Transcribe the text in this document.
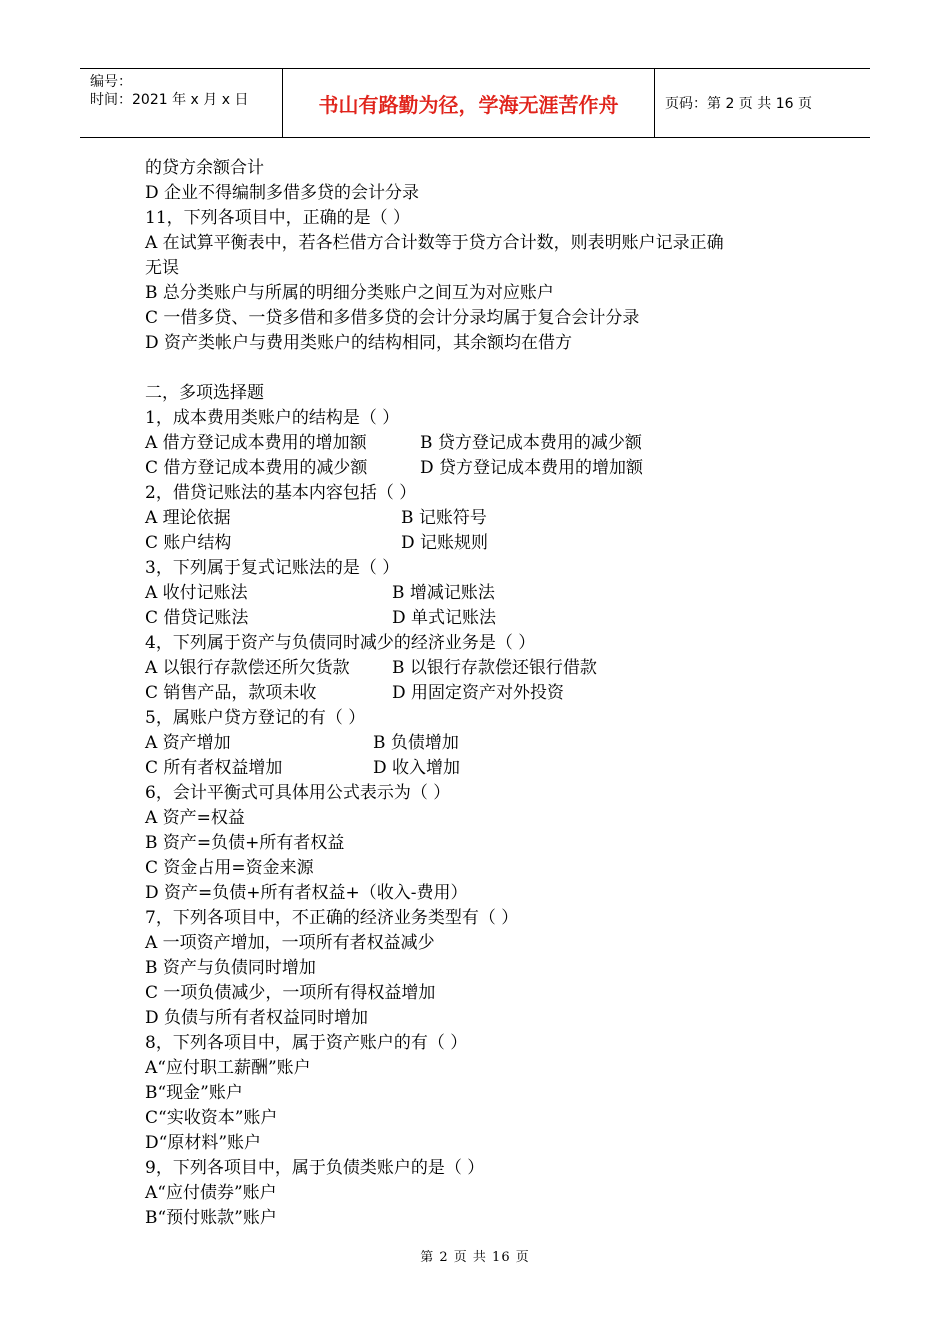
编号：
时间：2021 年 x 月 x 日	书山有路勤为径，学海无涯苦作舟	页码：第 2 页 共 16 页
的贷方余额合计
D 企业不得编制多借多贷的会计分录
11，下列各项目中，正确的是（ ）
A 在试算平衡表中，若各栏借方合计数等于贷方合计数，则表明账户记录正确
无误
B 总分类账户与所属的明细分类账户之间互为对应账户
C 一借多贷、一贷多借和多借多贷的会计分录均属于复合会计分录
D 资产类帐户与费用类账户的结构相同，其余额均在借方
二，多项选择题
1，成本费用类账户的结构是（ ）
A 借方登记成本费用的增加额	B 贷方登记成本费用的减少额
C 借方登记成本费用的减少额	D 贷方登记成本费用的增加额
2，借贷记账法的基本内容包括（ ）
A 理论依据	B 记账符号
C 账户结构	D 记账规则
3，下列属于复式记账法的是（ ）
A 收付记账法	B 增减记账法
C 借贷记账法	D 单式记账法
4，下列属于资产与负债同时减少的经济业务是（ ）
A 以银行存款偿还所欠货款 B 以银行存款偿还银行借款
C 销售产品，款项未收	D 用固定资产对外投资
5，属账户贷方登记的有（ ）
A 资产增加	B 负债增加
C 所有者权益增加	D 收入增加
6，会计平衡式可具体用公式表示为（ ）
A 资产=权益
B 资产=负债+所有者权益
C 资金占用=资金来源
D 资产=负债+所有者权益+（收入-费用）
7，下列各项目中，不正确的经济业务类型有（ ）
A 一项资产增加，一项所有者权益减少
B 资产与负债同时增加
C 一项负债减少，一项所有得权益增加
D 负债与所有者权益同时增加
8，下列各项目中，属于资产账户的有（ ）
A“应付职工薪酬”账户
B“现金”账户
C“实收资本”账户
D“原材料”账户
9，下列各项目中，属于负债类账户的是（ ）
A“应付债券”账户
B“预付账款”账户
第 2 页 共 16 页
